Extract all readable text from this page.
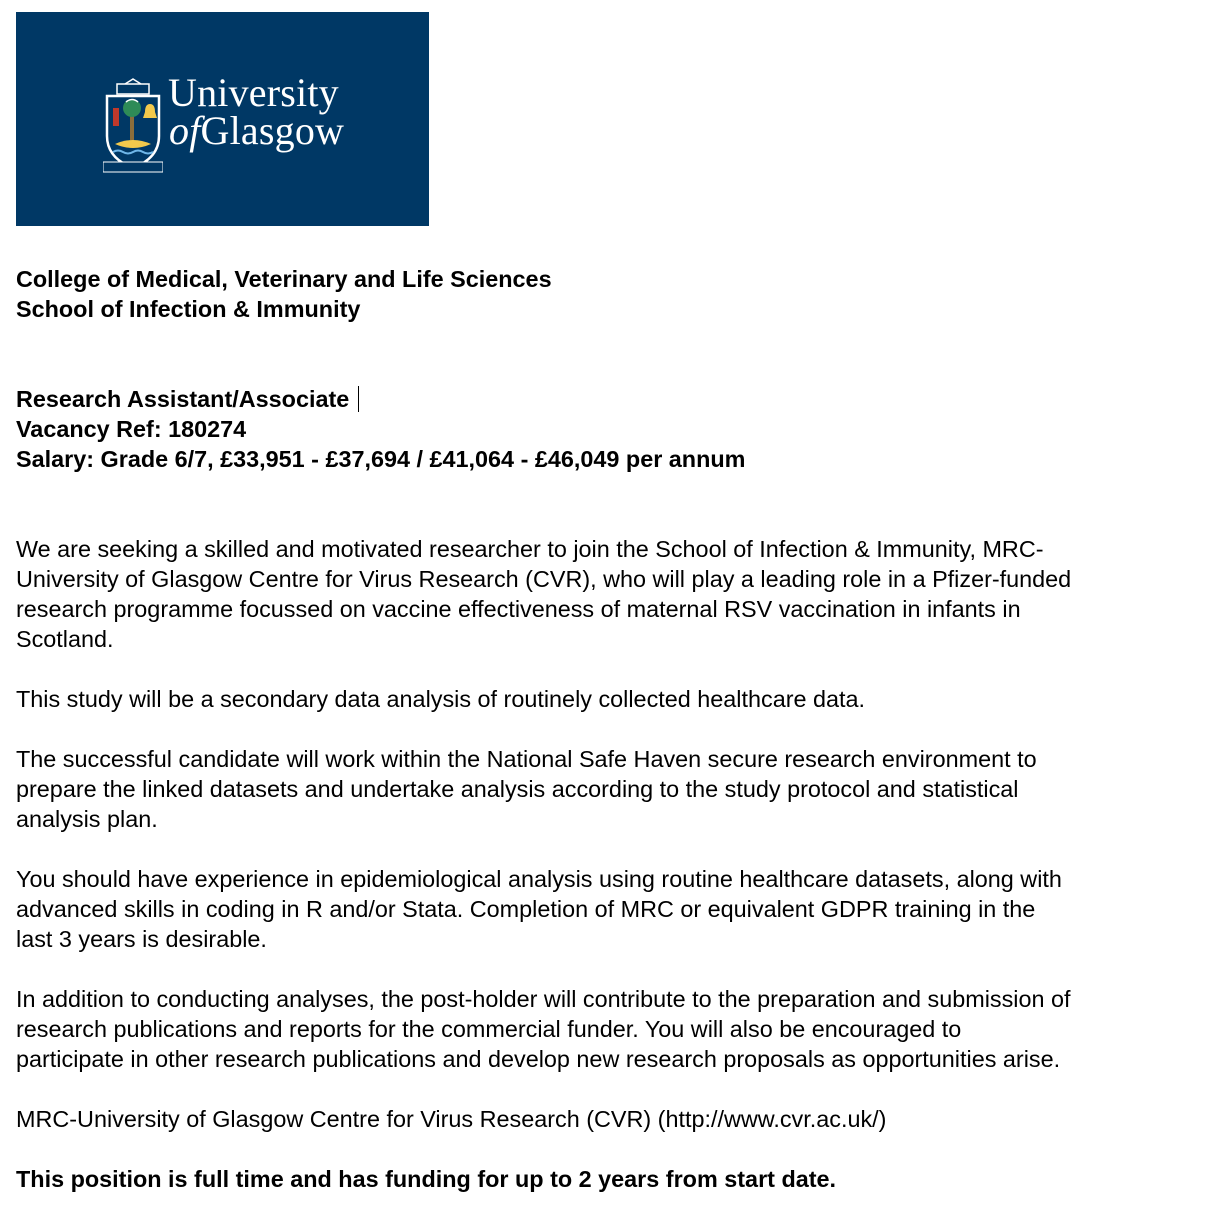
University
ofGlasgow
College of Medical, Veterinary and Life Sciences
School of Infection & Immunity
Research Assistant/Associate
Vacancy Ref: 180274
Salary: Grade 6/7, £33,951 - £37,694 / £41,064 - £46,049 per annum

We are seeking a skilled and motivated researcher to join the School of Infection & Immunity, MRC-
University of Glasgow Centre for Virus Research (CVR), who will play a leading role in a Pfizer-funded
research programme focussed on vaccine effectiveness of maternal RSV vaccination in infants in
Scotland.

This study will be a secondary data analysis of routinely collected healthcare data.

The successful candidate will work within the National Safe Haven secure research environment to
prepare the linked datasets and undertake analysis according to the study protocol and statistical
analysis plan.

You should have experience in epidemiological analysis using routine healthcare datasets, along with
advanced skills in coding in R and/or Stata. Completion of MRC or equivalent GDPR training in the
last 3 years is desirable.

In addition to conducting analyses, the post-holder will contribute to the preparation and submission of
research publications and reports for the commercial funder. You will also be encouraged to
participate in other research publications and develop new research proposals as opportunities arise.

MRC-University of Glasgow Centre for Virus Research (CVR) (http://www.cvr.ac.uk/)

This position is full time and has funding for up to 2 years from start date.
